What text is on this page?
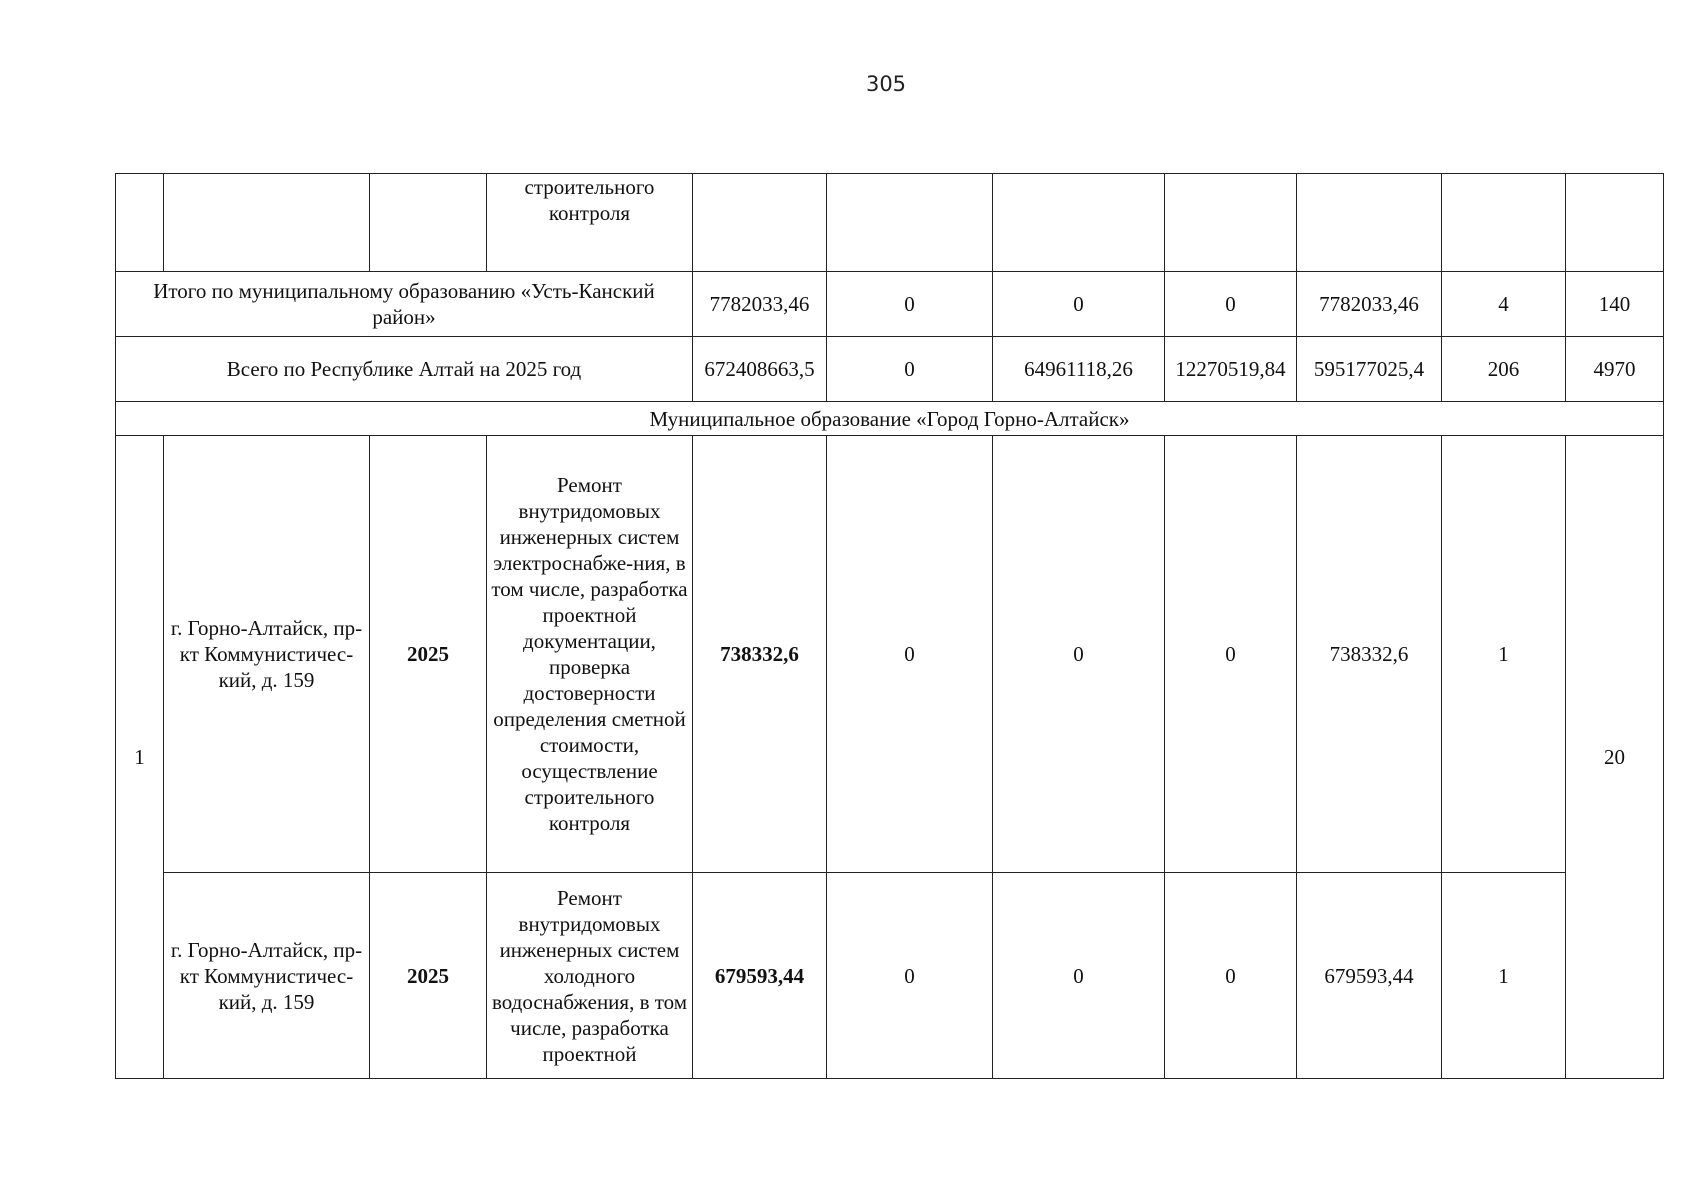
305
			строительного контроля							
Итого по муниципальному образованию «Усть-Канский район»				7782033,46	0	0	0	7782033,46	4	140
Всего по Республике Алтай на 2025 год				672408663,5	0	64961118,26	12270519,84	595177025,4	206	4970
Муниципальное образование «Город Горно-Алтайск»										
1	г. Горно-Алтайск, пр-кт Коммунистичес-кий, д. 159	2025	Ремонт внутридомовых инженерных систем электроснабже-ния, в том числе, разработка проектной документации, проверка достоверности определения сметной стоимости, осуществление строительного контроля	738332,6	0	0	0	738332,6	1	20
	г. Горно-Алтайск, пр-кт Коммунистичес-кий, д. 159	2025	Ремонт внутридомовых инженерных систем холодного водоснабжения, в том числе, разработка проектной	679593,44	0	0	0	679593,44	1	
